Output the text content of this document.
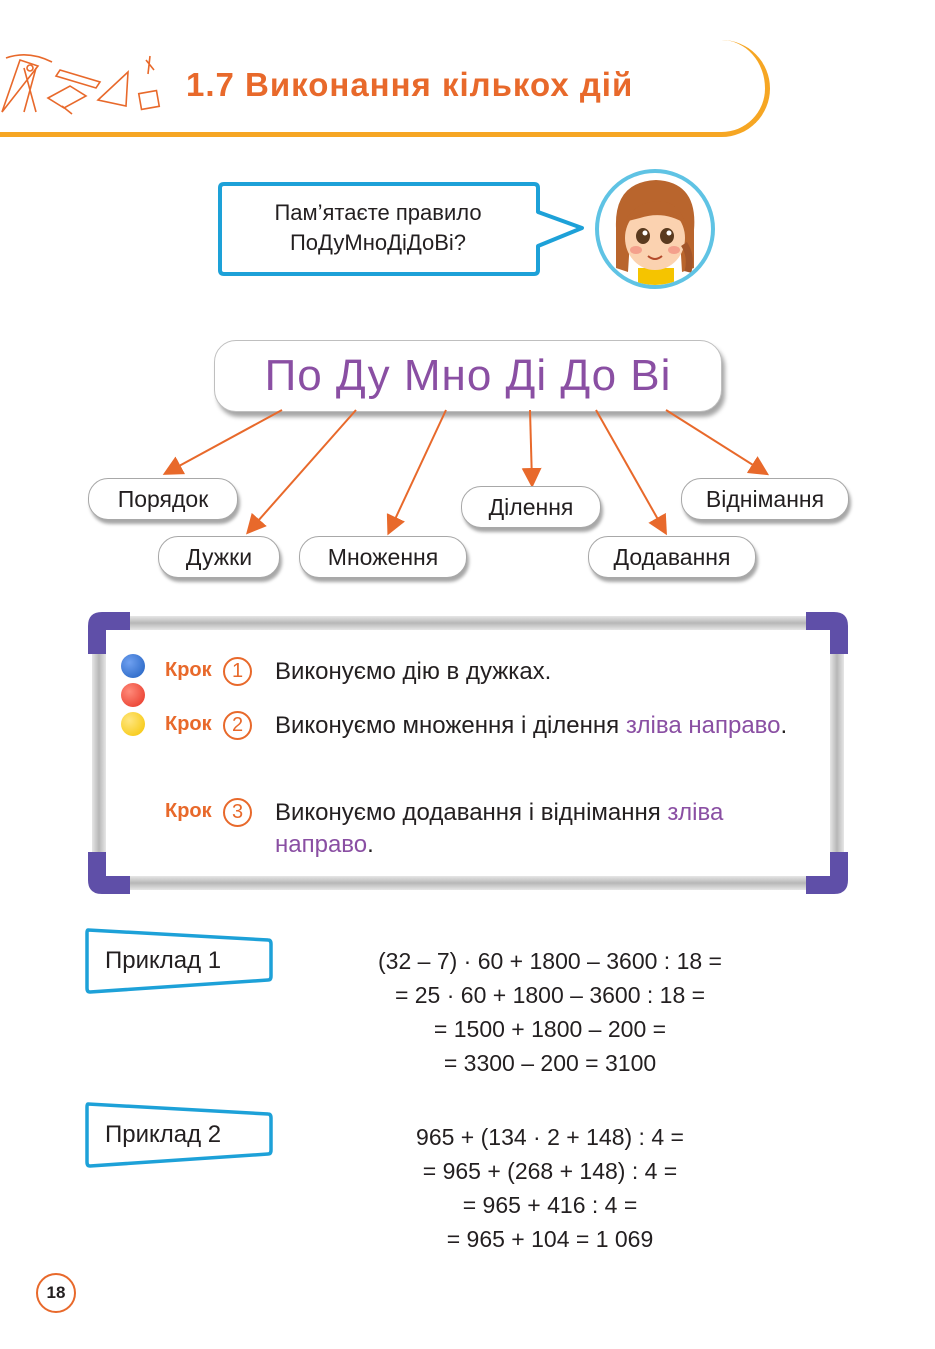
1.7 Виконання кількох дій
Пам’ятаєте правило
ПоДуМноДіДоВі?
По Ду Мно Ді До Ві
Порядок
Дужки	Множення
Ділення
Додавання
Віднімання
Крок	1	Виконуємо дію в дужках.
Крок	2	Виконуємо множення і ділення зліва направо.
Крок	3	Виконуємо додавання і віднімання зліва направо.
Приклад 1	(32 – 7) · 60 + 1800 – 3600 : 18 =
= 25 · 60 + 1800 – 3600 : 18 =
= 1500 + 1800 – 200 =
= 3300 – 200 = 3100
Приклад 2	965 + (134 · 2 + 148) : 4 =
= 965 + (268 + 148) : 4 =
= 965 + 416 : 4 =
= 965 + 104 = 1 069
18
